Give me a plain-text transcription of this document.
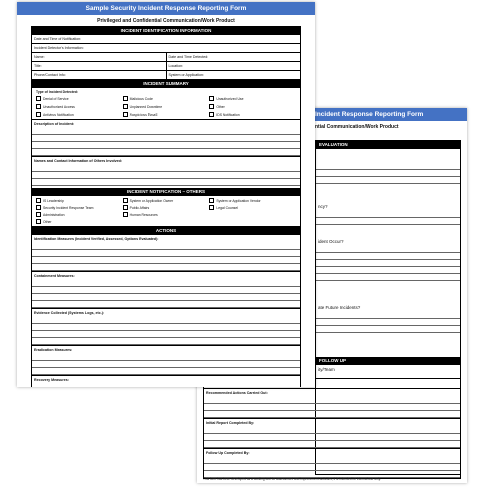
Incident Response Reporting Form
ntial Communication/Work Product
EVALUATION
ncy?
ident Occur?
ate Future Incidents?
FOLLOW UP
ity/Team
Recommended Actions Carried Out:
Initial Report Completed By:
Follow Up Completed By:
This form has been developed as a working tool for assessment and improvement activities; it is intended for internal use only.
Sample Security Incident Response Reporting Form
Privileged and Confidential Communication/Work Product
INCIDENT IDENTIFICATION INFORMATION
Date and Time of Notification:
Incident Detector's Information:
Name:	Date and Time Detected:
Title:	Location:
Phone/Contact Info:	System or Application:
INCIDENT SUMMARY
Type of Incident Detected:
Denial of Service	Malicious Code	Unauthorized Use
Unauthorized Access	Unplanned Downtime	Other
Antivirus Notification	Suspicious Email	IDS Notification
Description of Incident:
Names and Contact Information of Others Involved:
INCIDENT NOTIFICATION – OTHERS
IS Leadership	System or Application Owner	System or Application Vendor
Security Incident Response Team	Public Affairs	Legal Counsel
Administration	Human Resources
Other
ACTIONS
Identification Measures (Incident Verified, Assessed, Options Evaluated):
Containment Measures:
Evidence Collected (Systems Logs, etc.):
Eradication Measures:
Recovery Measures:
